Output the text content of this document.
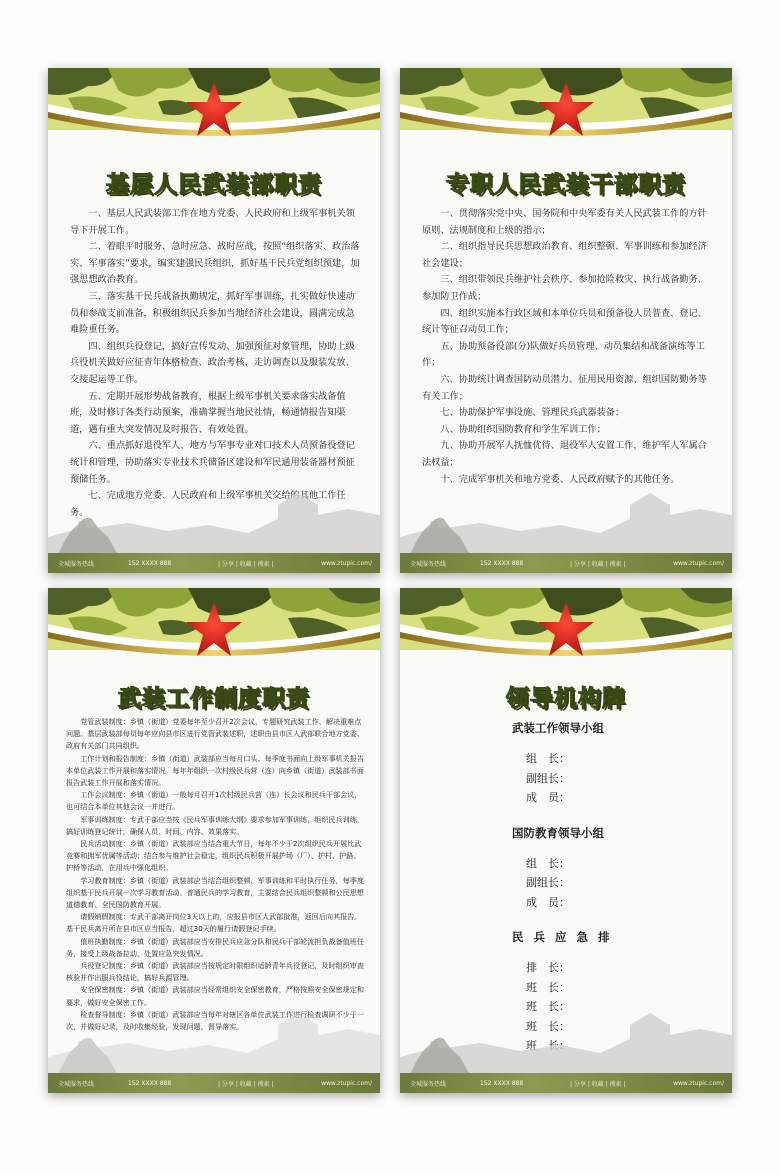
基层人民武装部职责

一、基层人民武装部工作在地方党委、人民政府和上级军事机关领导下开展工作。

二、着眼平时服务、急时应急、战时应战，按照“组织落实、政治落实、军事落实”要求，编实建强民兵组织，抓好基干民兵党组织预建，加强思想政治教育。

三、落实基干民兵战备执勤规定，抓好军事训练，扎实做好快速动员和参战支前准备，积极组织民兵参加当地经济社会建设，圆满完成急难险重任务。

四、组织兵役登记，搞好宣传发动、加强预征对象管理，协助上级兵役机关做好应征青年体格检查、政治考核、走访调查以及服装发放、交接起运等工作。

五、定期开展形势战备教育，根据上级军事机关要求落实战备值班，及时修订各类行动预案，准确掌握当地民社情，畅通情报告知渠道，遇有重大突发情况及时报告、有效处置。

六、重点抓好退役军人、地方与军事专业对口技术人员预备役登记统计和管理，协助落实专业技术兵储备区建设和军民通用装备器材预征预储任务。

七、完成地方党委、人民政府和上级军事机关交给的其他工作任务。

全城服务热线	152 XXXX 888	| 分享 | 收藏 | 搜索 |	www.ztupic.com/
专职人民武装干部职责

一、贯彻落实党中央、国务院和中央军委有关人民武装工作的方针原则、法规制度和上级的指示；

二、组织指导民兵思想政治教育、组织整顿、军事训练和参加经济社会建设；

三、组织带领民兵维护社会秩序、参加抢险救灾、执行战备勤务、参加防卫作战；

四、组织实施本行政区域和本单位兵员和预备役人员普查、登记、统计等征召动员工作；

五、协助预备役部(分)队做好兵员管理、动员集结和战备演练等工作；

六、协助统计调查国防动员潜力、征用民用资源、组织国防勤务等有关工作；

七、协助保护军事设施、管理民兵武器装备；

八、协助组织国防教育和学生军训工作；

九、协助开展军人抚恤优待、退役军人安置工作，维护军人军属合法权益；

十、完成军事机关和地方党委、人民政府赋予的其他任务。

全城服务热线	152 XXXX 888	| 分享 | 收藏 | 搜索 |	www.ztupic.com/
武装工作制度职责

党管武装制度：乡镇（街道）党委每年至少召开2次会议，专题研究武装工作、解决重难点问题。基层武装部每员每年应向县市区进行党管武装述职，述职由县市区人武部联合地方党委、政府有关部门共同组织。

工作计划和报告制度：乡镇（街道）武装部应当每月口头、每季度书面向上级军事机关报告本单位武装工作开展和落实情况。每年年组织一次村级民兵营（连）向乡镇（街道）武装部书面报告武装工作开展和落实情况。

工作会议制度：乡镇（街道）一般每月召开1次村级民兵营（连）长会议和民兵干部会议，也可结合本单位其他会议一并进行。

军事训练制度：专武干部应当按《民兵军事训练大纲》要求参加军事训练，组织民兵训练，搞好训练登记统计，确保人员、时间、内容、效果落实。

民兵活动制度：乡镇（街道）武装部应当结合重大节日，每年不少于2次组织民兵开展比武竞赛和拥军优属等活动；结合参与维护社会稳定，组织民兵积极开展护场（厂）、护村、护路、护桥等活动，在用兵中强化组织。

学习教育制度：乡镇（街道）武装部应当结合组织整顿、军事训练和平时执行任务，每季度组织基干民兵开展一次学习教育活动。普通民兵的学习教育，主要结合民兵组织整顿和公民思想道德教育、全民国防教育开展。

请假销假制度：专武干部离开岗位3天以上的，应报县市区人武部批准，返回后向其报告。基干民兵离开所在县市区应当报告，超过30天的履行请假登记手续。

值班执勤制度：乡镇（街道）武装部应当安排民兵应急分队和民兵干部轮流担负战备值班任务，接受上级战备拉动，处置应急突发情况。

兵役登记制度：乡镇（街道）武装部应当按规定时限组织适龄青年兵役登记，及时组织审查核验并作出服兵役结论，搞好兵源管理。

安全保密制度：乡镇（街道）武装部应当经常组织安全保密教育，严格按照安全保密规定和要求，做好安全保密工作。

检查督导制度：乡镇（街道）武装部应当每年对辖区各单位武装工作进行检查调研不少于一次，并做好记录，及时收集经验，发现问题，督导落实。

全城服务热线	152 XXXX 888	| 分享 | 收藏 | 搜索 |	www.ztupic.com/
领导机构牌
武装工作领导小组
组　长：
副组长：
成　员：
国防教育领导小组
组　长：
副组长：
成　员：
民兵应急排
排　长：
班　长：
班　长：
班　长：
班　长：
全城服务热线	152 XXXX 888	| 分享 | 收藏 | 搜索 |	www.ztupic.com/
